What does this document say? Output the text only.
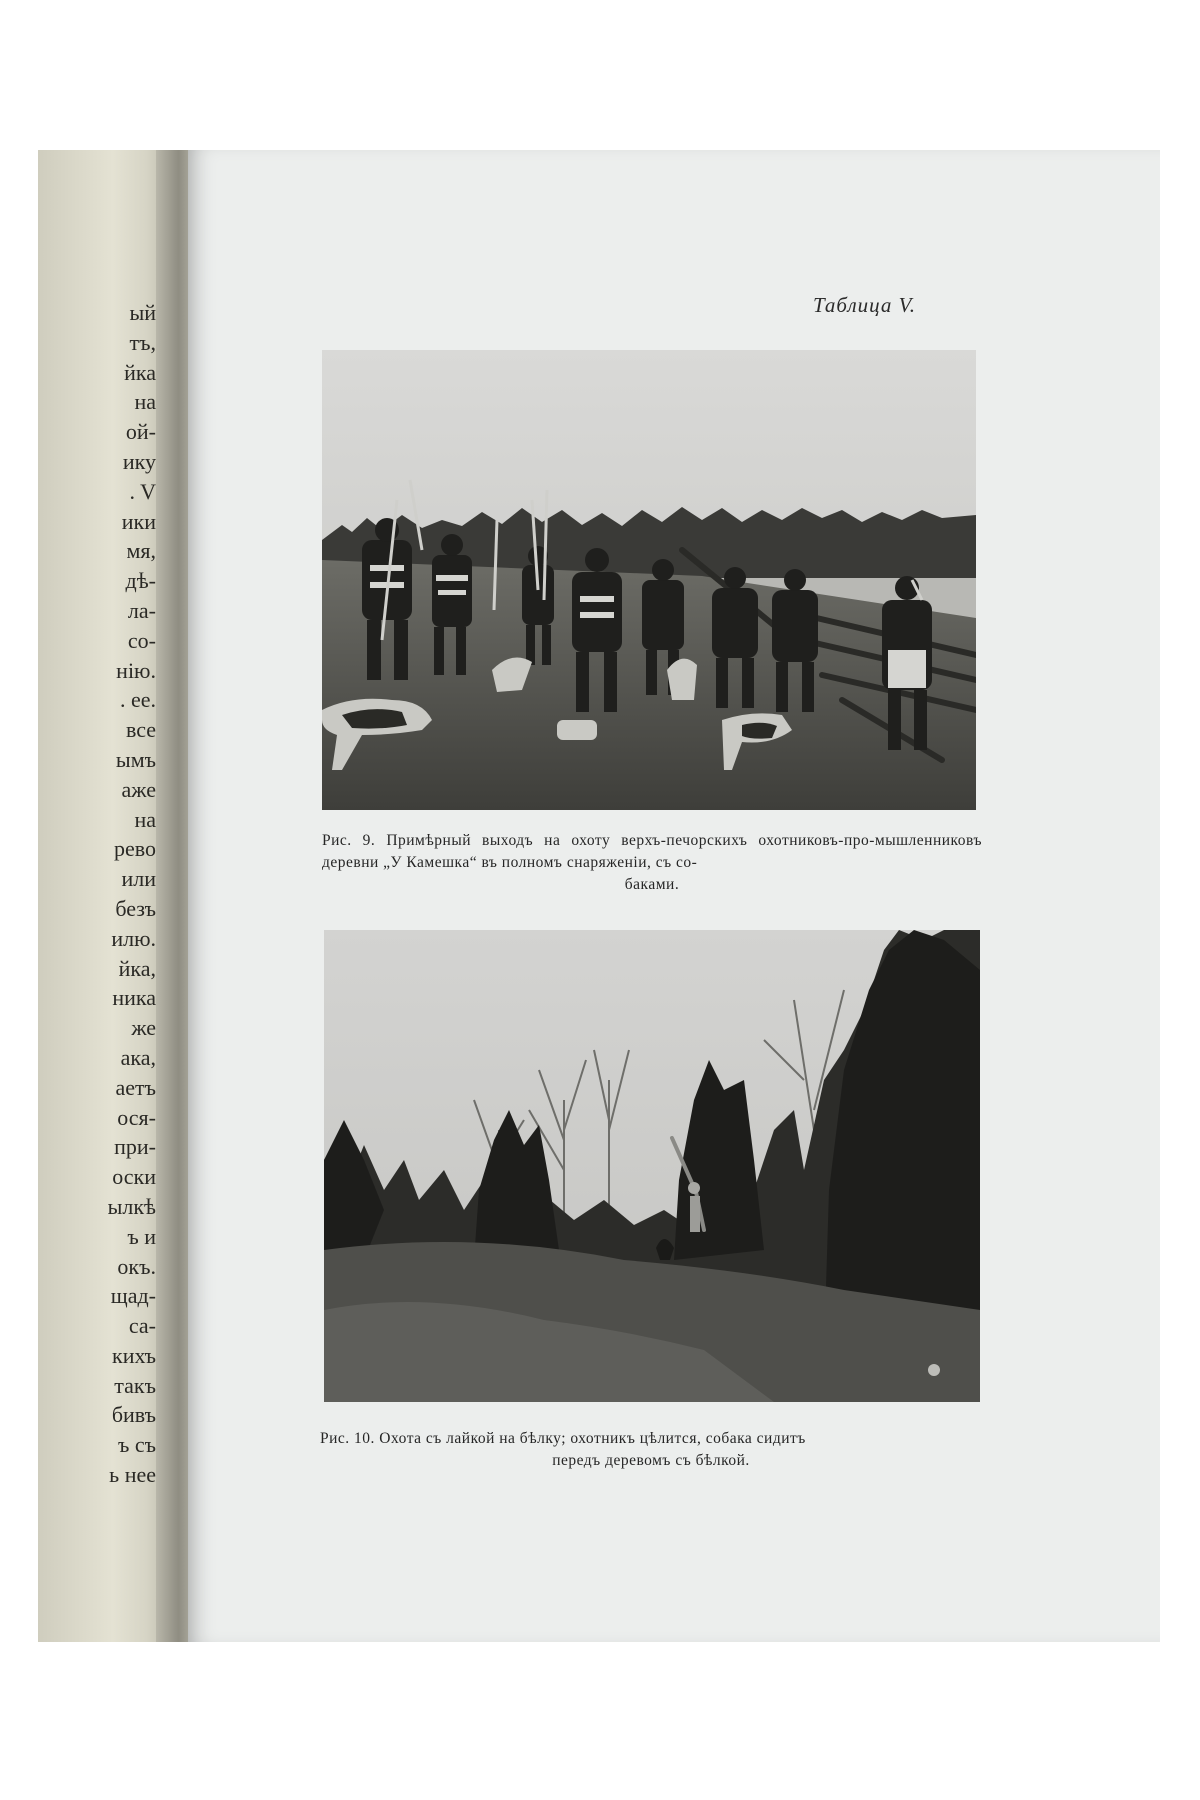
ый
тъ,
йка
на
ой-
ику
. V
ики
мя,
дѣ-
ла-
со-
нію.
. ее.
все
ымъ
аже
на
рево
или
безъ
илю.
йка,
ника
же
ака,
аетъ
ося-
при-
оски
ылкѣ
ъ и
окъ.
щад-
са-
кихъ
такъ
бивъ
ъ съ
ь нее
Таблица V.

Рис. 9. Примѣрный выходъ на охоту верхъ-печорскихъ охотниковъ-про-мышленниковъ деревни „У Камешка“ въ полномъ снаряженіи, съ со-
баками.

Рис. 10. Охота съ лайкой на бѣлку; охотникъ цѣлится, собака сидитъ
передъ деревомъ съ бѣлкой.
